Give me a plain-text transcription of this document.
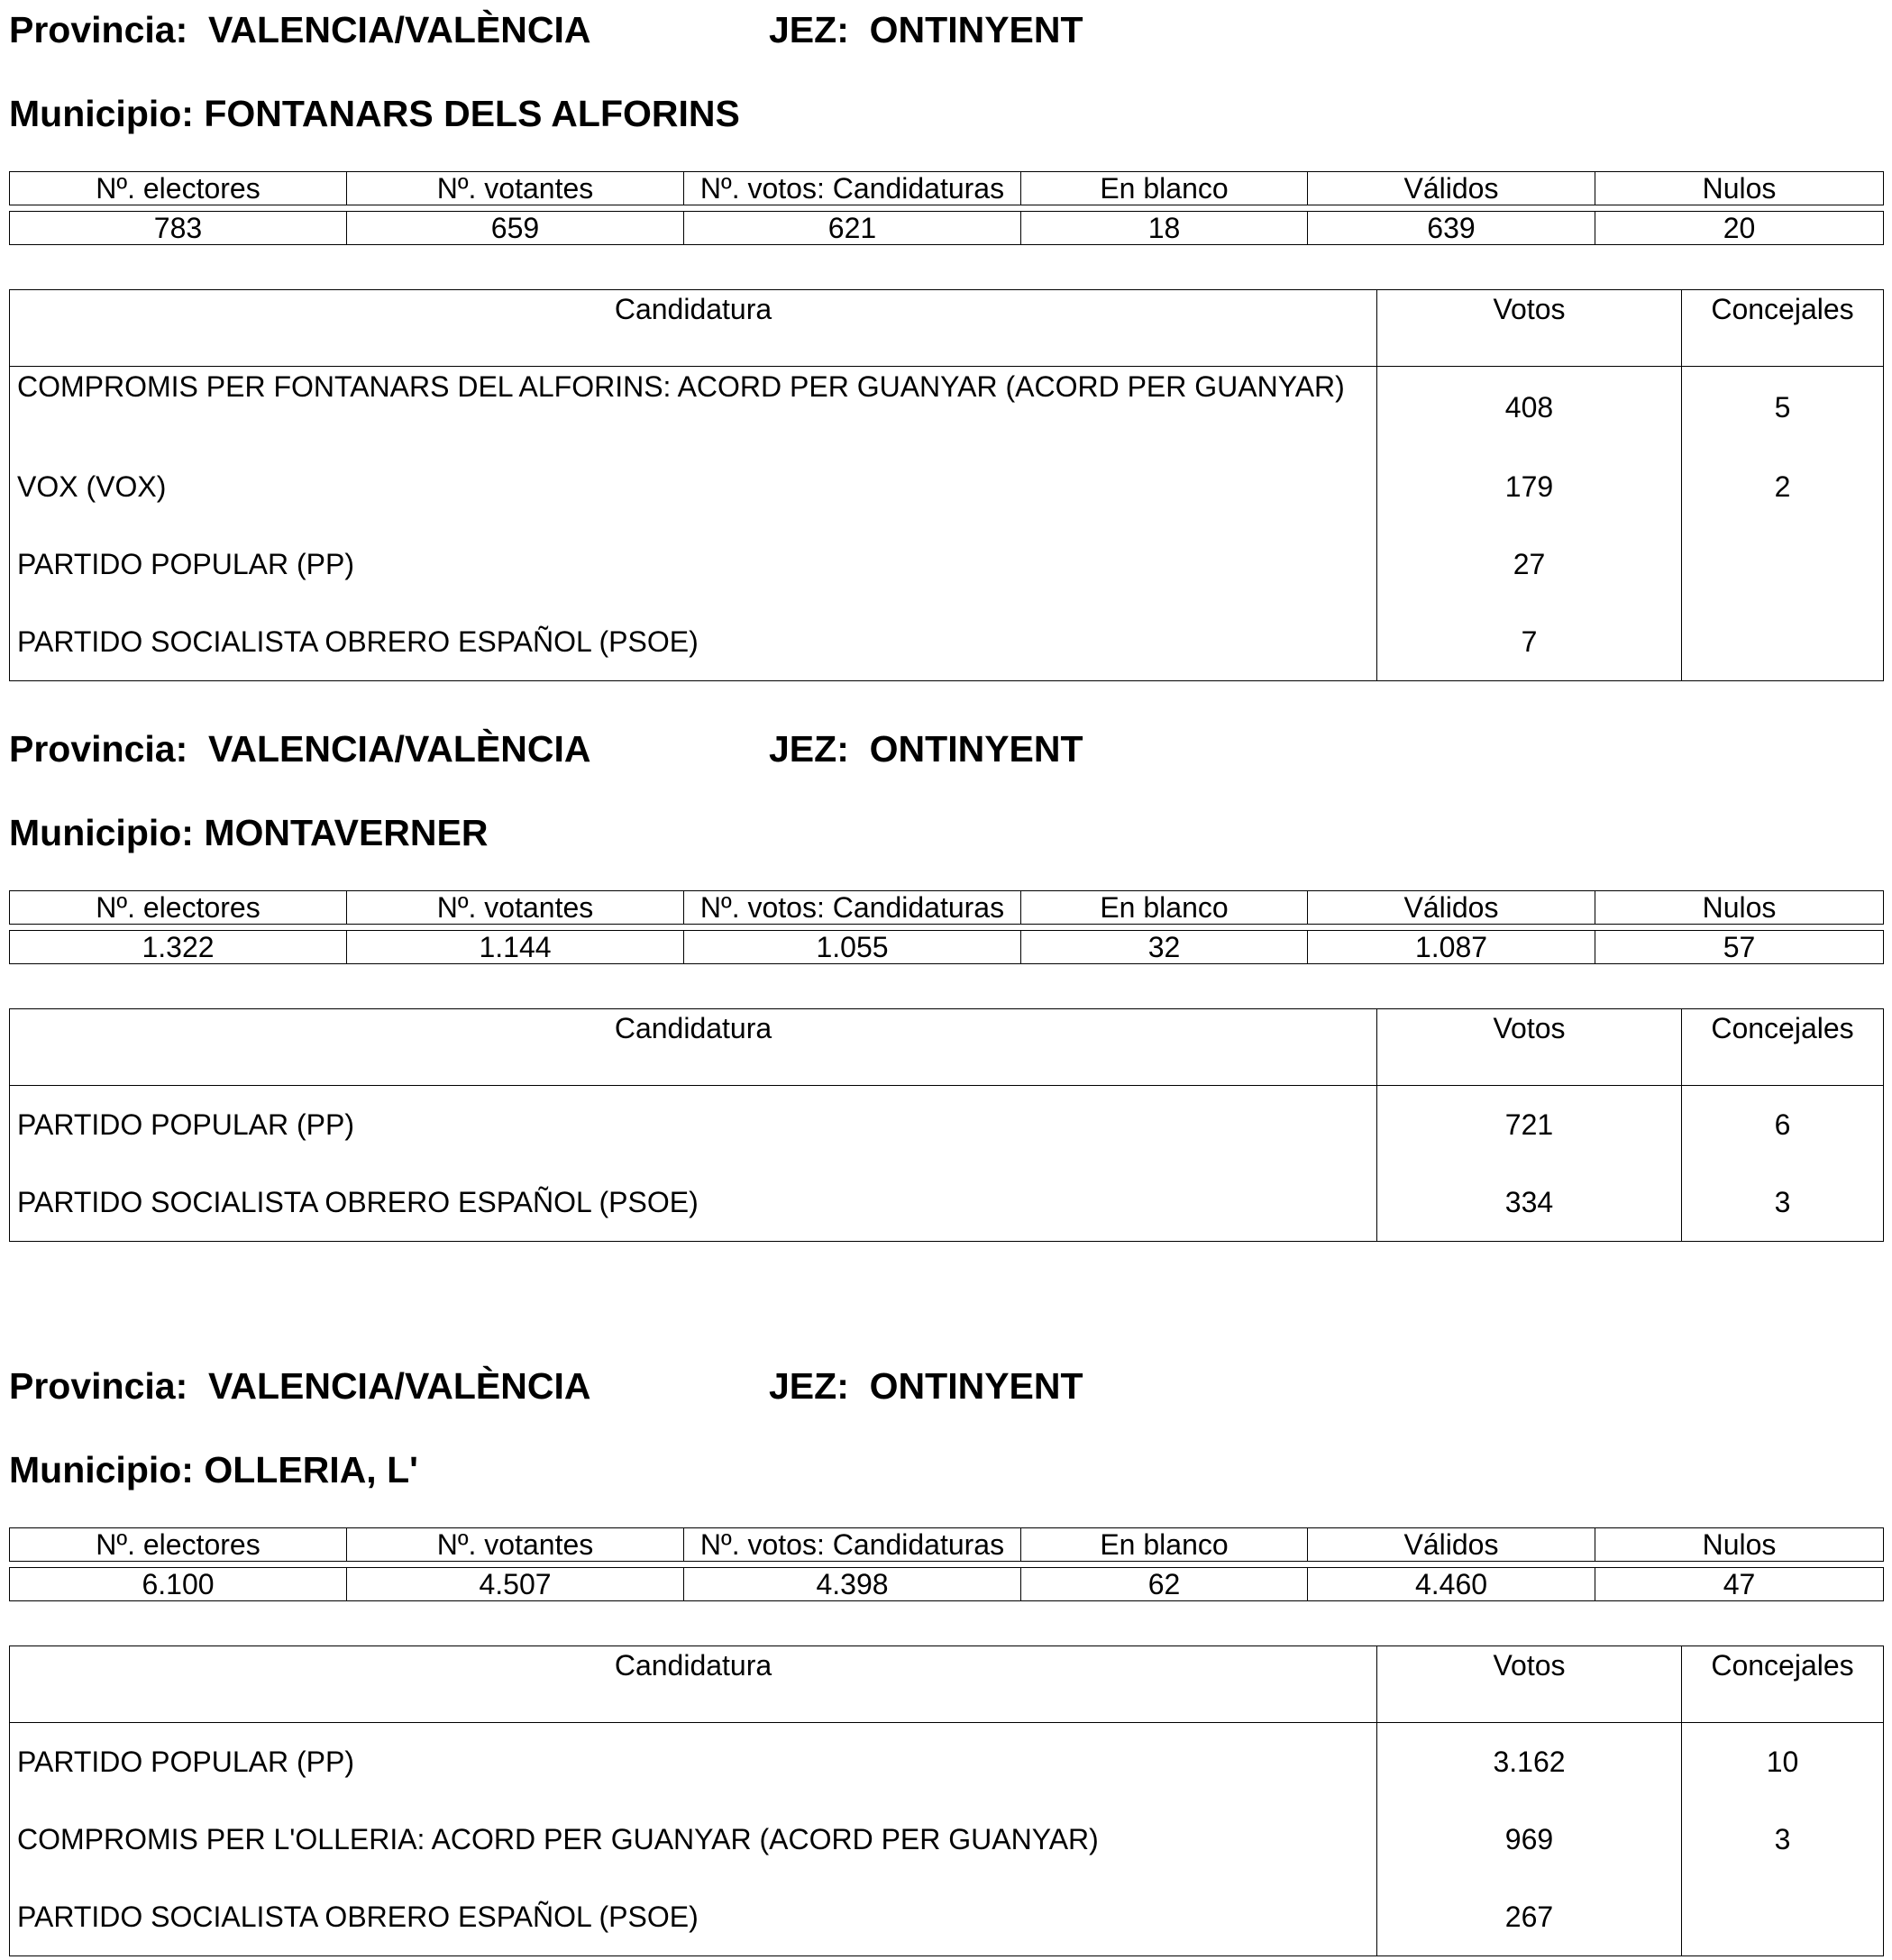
Provincia: VALENCIA/VALÈNCIA	JEZ: ONTINYENT
Municipio: FONTANARS DELS ALFORINS
Nº. electores	Nº. votantes	Nº. votos: Candidaturas	En blanco	Válidos	Nulos
783	659	621	18	639	20
Candidatura	Votos	Concejales
COMPROMIS PER FONTANARS DEL ALFORINS: ACORD PER GUANYAR (ACORD PER GUANYAR)	408	5
VOX (VOX)	179	2
PARTIDO POPULAR (PP)	27	
PARTIDO SOCIALISTA OBRERO ESPAÑOL (PSOE)	7	
Provincia: VALENCIA/VALÈNCIA	JEZ: ONTINYENT
Municipio: MONTAVERNER
Nº. electores	Nº. votantes	Nº. votos: Candidaturas	En blanco	Válidos	Nulos
1.322	1.144	1.055	32	1.087	57
Candidatura	Votos	Concejales
PARTIDO POPULAR (PP)	721	6
PARTIDO SOCIALISTA OBRERO ESPAÑOL (PSOE)	334	3
Provincia: VALENCIA/VALÈNCIA	JEZ: ONTINYENT
Municipio: OLLERIA, L'
Nº. electores	Nº. votantes	Nº. votos: Candidaturas	En blanco	Válidos	Nulos
6.100	4.507	4.398	62	4.460	47
Candidatura	Votos	Concejales
PARTIDO POPULAR (PP)	3.162	10
COMPROMIS PER L'OLLERIA: ACORD PER GUANYAR (ACORD PER GUANYAR)	969	3
PARTIDO SOCIALISTA OBRERO ESPAÑOL (PSOE)	267	
